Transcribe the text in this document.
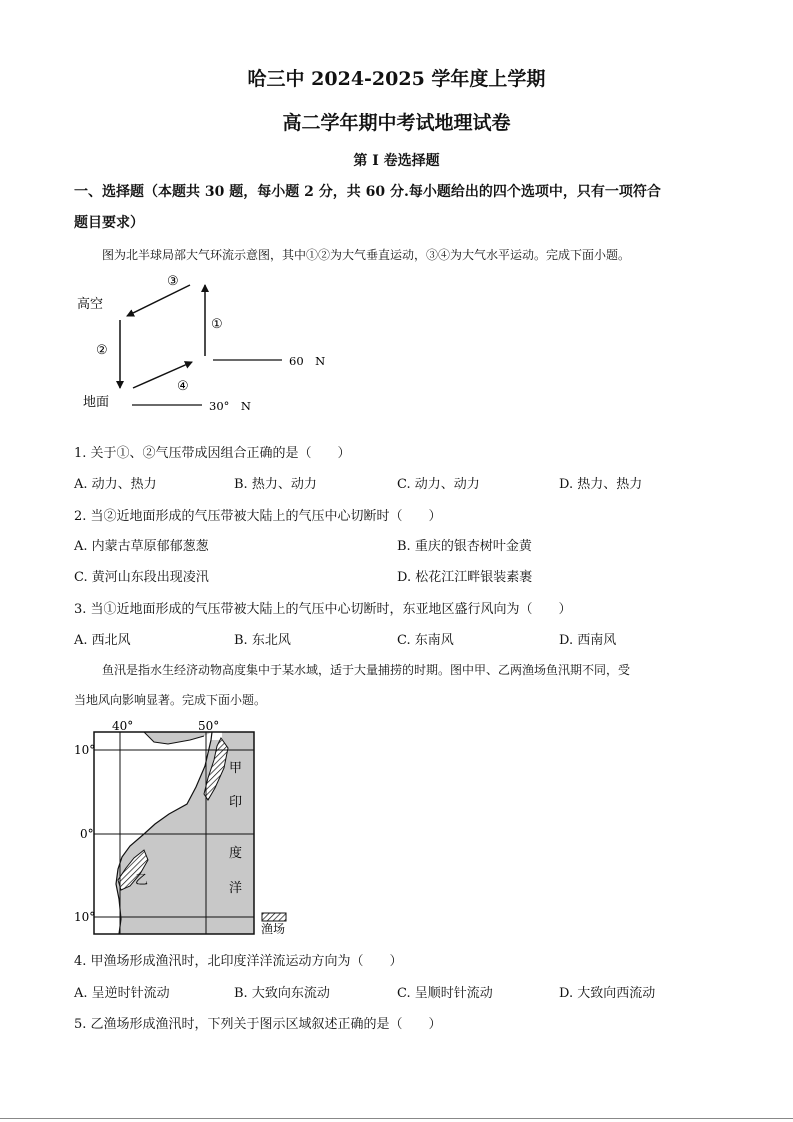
哈三中 2024-2025 学年度上学期
高二学年期中考试地理试卷
第 I 卷选择题
一、选择题（本题共 30 题，每小题 2 分，共 60 分.每小题给出的四个选项中，只有一项符合
题目要求）
图为北半球局部大气环流示意图，其中①②为大气垂直运动，③④为大气水平运动。完成下面小题。
高空
地面
③
①
②
④
60　N
30°　N
1. 关于①、②气压带成因组合正确的是（　　）
A. 动力、热力	B. 热力、动力	C. 动力、动力	D. 热力、热力
2. 当②近地面形成的气压带被大陆上的气压中心切断时（　　）
A. 内蒙古草原郁郁葱葱	B. 重庆的银杏树叶金黄
C. 黄河山东段出现凌汛	D. 松花江江畔银装素裹
3. 当①近地面形成的气压带被大陆上的气压中心切断时，东亚地区盛行风向为（　　）
A. 西北风	B. 东北风	C. 东南风	D. 西南风
鱼汛是指水生经济动物高度集中于某水域，适于大量捕捞的时期。图中甲、乙两渔场鱼汛期不同，受
当地风向影响显著。完成下面小题。
40°	50°
10°
0°
10°
甲
印
度
洋
乙
渔场
4. 甲渔场形成渔汛时，北印度洋洋流运动方向为（　　）
A. 呈逆时针流动	B. 大致向东流动	C. 呈顺时针流动	D. 大致向西流动
5. 乙渔场形成渔汛时，下列关于图示区域叙述正确的是（　　）
